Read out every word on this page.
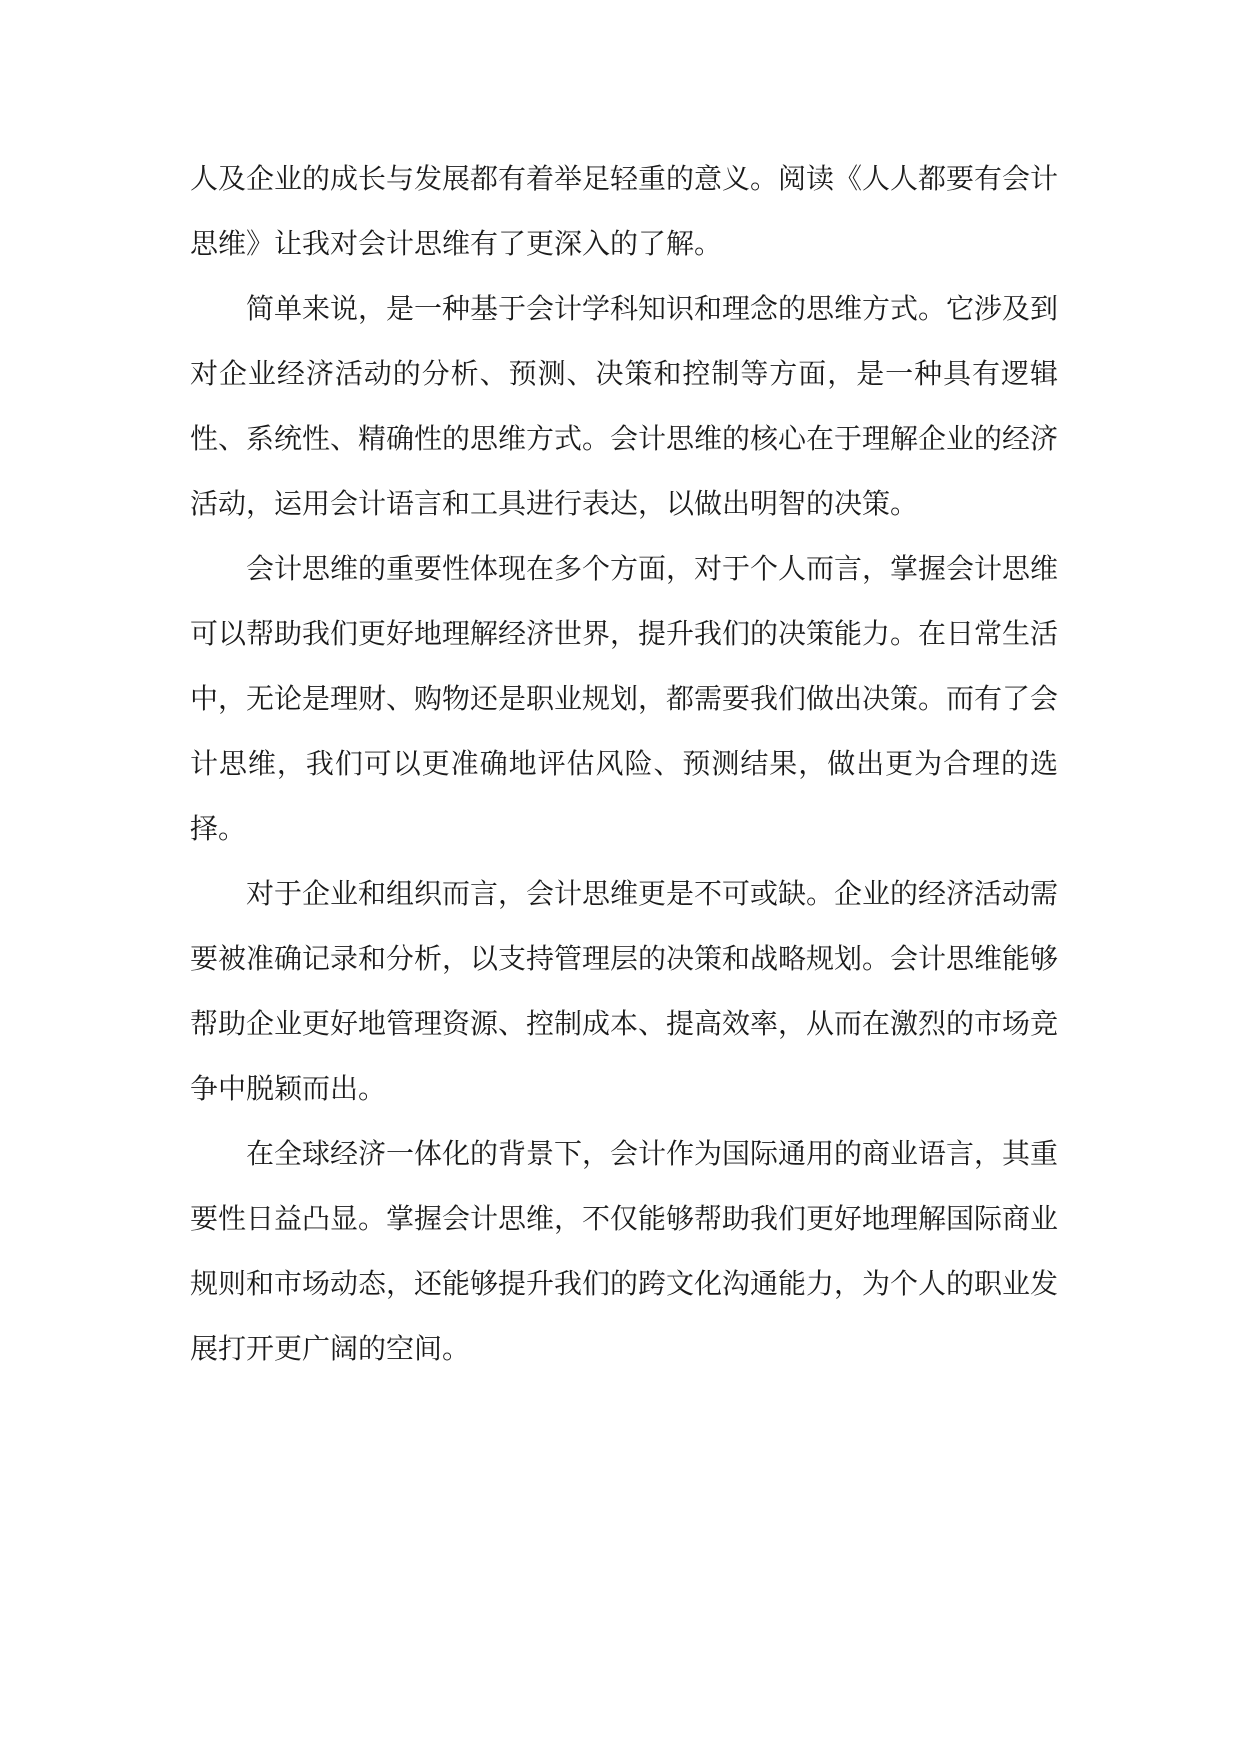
人及企业的成长与发展都有着举足轻重的意义。阅读《人人都要有会计思维》让我对会计思维有了更深入的了解。

简单来说，是一种基于会计学科知识和理念的思维方式。它涉及到对企业经济活动的分析、预测、决策和控制等方面，是一种具有逻辑性、系统性、精确性的思维方式。会计思维的核心在于理解企业的经济活动，运用会计语言和工具进行表达，以做出明智的决策。

会计思维的重要性体现在多个方面，对于个人而言，掌握会计思维可以帮助我们更好地理解经济世界，提升我们的决策能力。在日常生活中，无论是理财、购物还是职业规划，都需要我们做出决策。而有了会计思维，我们可以更准确地评估风险、预测结果，做出更为合理的选择。

对于企业和组织而言，会计思维更是不可或缺。企业的经济活动需要被准确记录和分析，以支持管理层的决策和战略规划。会计思维能够帮助企业更好地管理资源、控制成本、提高效率，从而在激烈的市场竞争中脱颖而出。

在全球经济一体化的背景下，会计作为国际通用的商业语言，其重要性日益凸显。掌握会计思维，不仅能够帮助我们更好地理解国际商业规则和市场动态，还能够提升我们的跨文化沟通能力，为个人的职业发展打开更广阔的空间。
